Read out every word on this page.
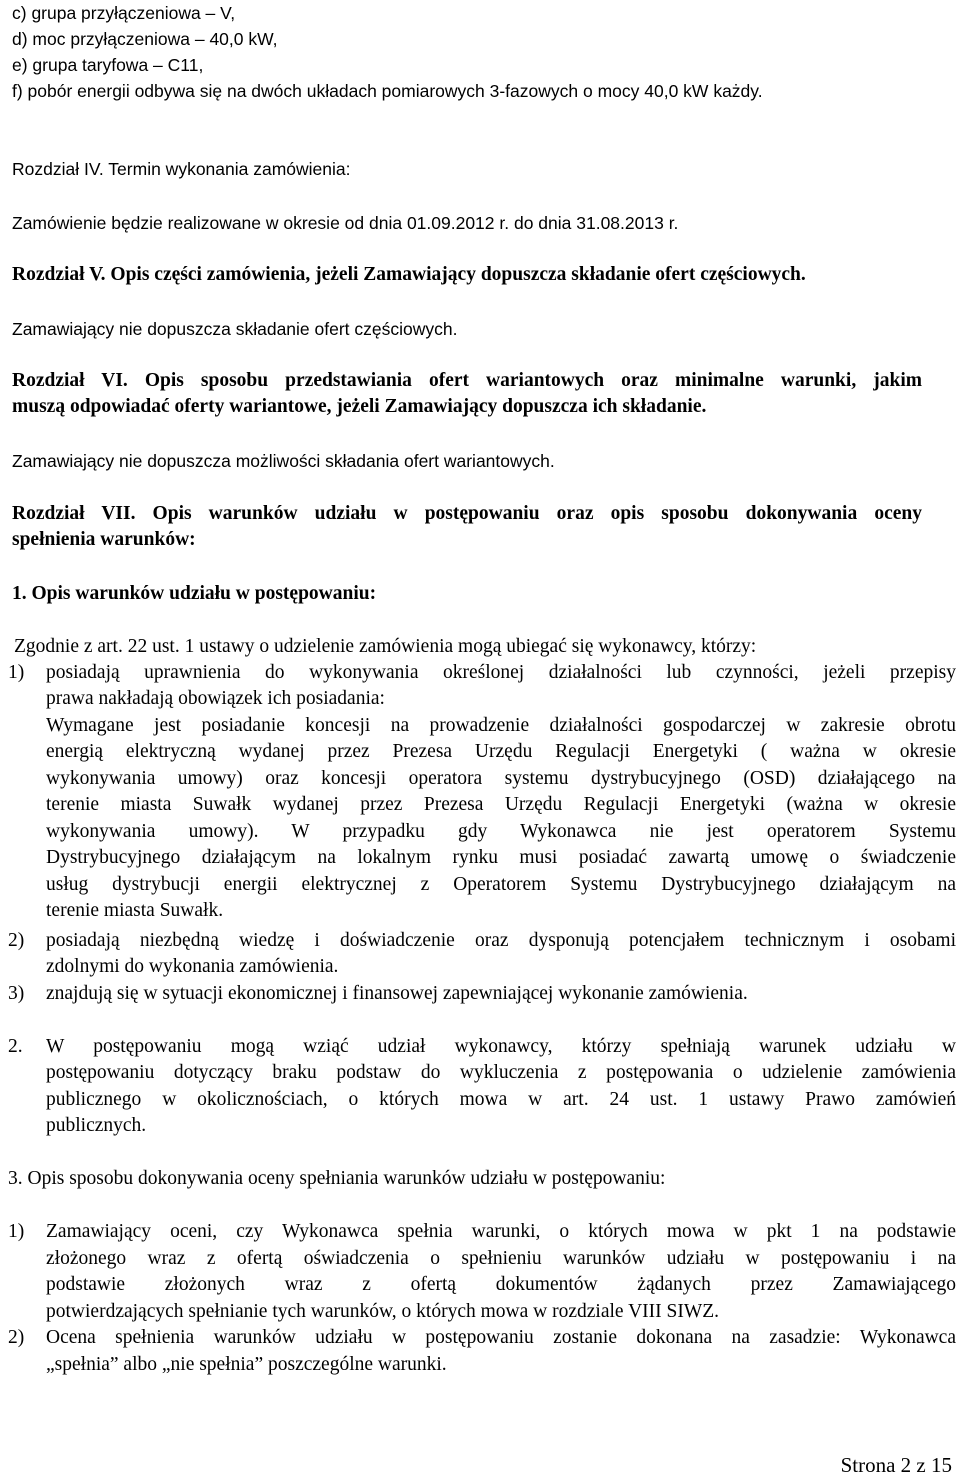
c) grupa przyłączeniowa – V,
d) moc przyłączeniowa – 40,0 kW,
e) grupa taryfowa – C11,
f) pobór energii odbywa się na dwóch układach pomiarowych 3-fazowych o mocy 40,0 kW każdy.
Rozdział IV. Termin wykonania zamówienia:
Zamówienie będzie realizowane w okresie od dnia 01.09.2012 r. do dnia 31.08.2013 r.
Rozdział V. Opis części zamówienia, jeżeli Zamawiający dopuszcza składanie ofert częściowych.
Zamawiający nie dopuszcza składanie ofert częściowych.
Rozdział VI. Opis sposobu przedstawiania ofert wariantowych oraz minimalne warunki, jakim
muszą odpowiadać oferty wariantowe, jeżeli Zamawiający dopuszcza ich składanie.
Zamawiający nie dopuszcza możliwości składania ofert wariantowych.
Rozdział VII. Opis warunków udziału w postępowaniu oraz opis sposobu dokonywania oceny
spełnienia warunków:
1. Opis warunków udziału w postępowaniu:
Zgodnie z art. 22 ust. 1 ustawy o udzielenie zamówienia mogą ubiegać się wykonawcy, którzy:
1) posiadają uprawnienia do wykonywania określonej działalności lub czynności, jeżeli przepisy
prawa nakładają obowiązek ich posiadania:
Wymagane jest posiadanie koncesji na prowadzenie działalności gospodarczej w zakresie obrotu
energią elektryczną wydanej przez Prezesa Urzędu Regulacji Energetyki ( ważna w okresie
wykonywania umowy) oraz koncesji operatora systemu dystrybucyjnego (OSD) działającego na
terenie miasta Suwałk wydanej przez Prezesa Urzędu Regulacji Energetyki (ważna w okresie
wykonywania umowy). W przypadku gdy Wykonawca nie jest operatorem Systemu
Dystrybucyjnego działającym na lokalnym rynku musi posiadać zawartą umowę o świadczenie
usług dystrybucji energii elektrycznej z Operatorem Systemu Dystrybucyjnego działającym na
terenie miasta Suwałk.
2) posiadają niezbędną wiedzę i doświadczenie oraz dysponują potencjałem technicznym i osobami
zdolnymi do wykonania zamówienia.
3) znajdują się w sytuacji ekonomicznej i finansowej zapewniającej wykonanie zamówienia.
2. W postępowaniu mogą wziąć udział wykonawcy, którzy spełniają warunek udziału w
postępowaniu dotyczący braku podstaw do wykluczenia z postępowania o udzielenie zamówienia
publicznego w okolicznościach, o których mowa w art. 24 ust. 1 ustawy Prawo zamówień
publicznych.
3. Opis sposobu dokonywania oceny spełniania warunków udziału w postępowaniu:
1) Zamawiający oceni, czy Wykonawca spełnia warunki, o których mowa w pkt 1 na podstawie
złożonego wraz z ofertą oświadczenia o spełnieniu warunków udziału w postępowaniu i na
podstawie złożonych wraz z ofertą dokumentów żądanych przez Zamawiającego
potwierdzających spełnianie tych warunków, o których mowa w rozdziale VIII SIWZ.
2) Ocena spełnienia warunków udziału w postępowaniu zostanie dokonana na zasadzie: Wykonawca
„spełnia” albo „nie spełnia” poszczególne warunki.
Strona 2 z 15
